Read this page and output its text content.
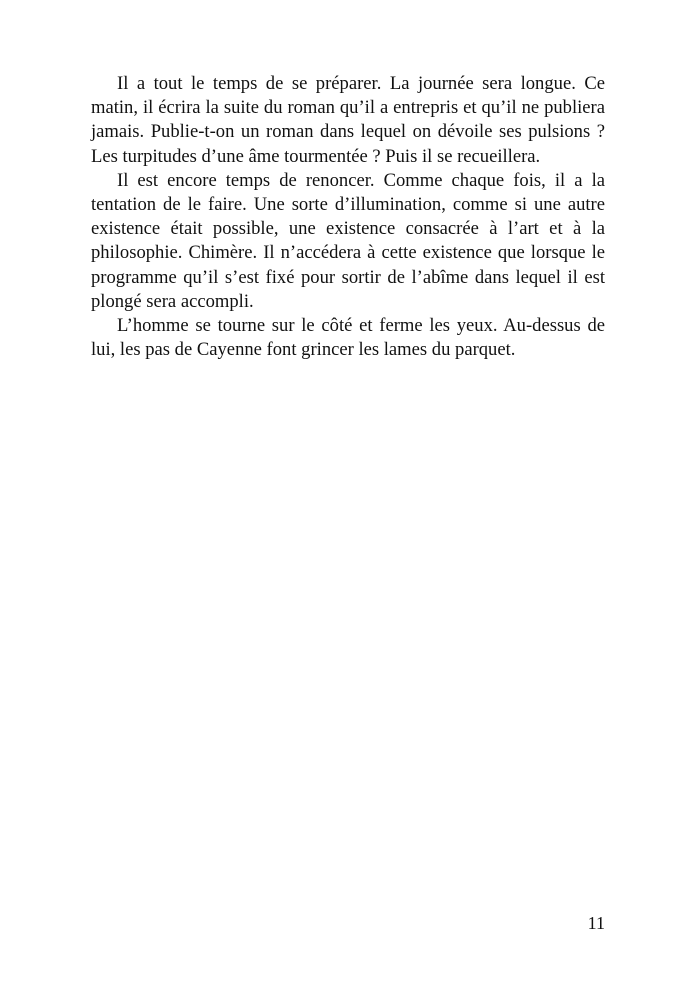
Il a tout le temps de se préparer. La journée sera longue. Ce matin, il écrira la suite du roman qu’il a entrepris et qu’il ne publiera jamais. Publie-t-on un roman dans lequel on dévoile ses pulsions ? Les turpitudes d’une âme tourmentée ? Puis il se recueillera.

Il est encore temps de renoncer. Comme chaque fois, il a la tentation de le faire. Une sorte d’illumination, comme si une autre existence était possible, une existence consacrée à l’art et à la philosophie. Chimère. Il n’accédera à cette existence que lorsque le programme qu’il s’est fixé pour sortir de l’abîme dans lequel il est plongé sera accompli.

L’homme se tourne sur le côté et ferme les yeux. Au-dessus de lui, les pas de Cayenne font grincer les lames du parquet.

11
